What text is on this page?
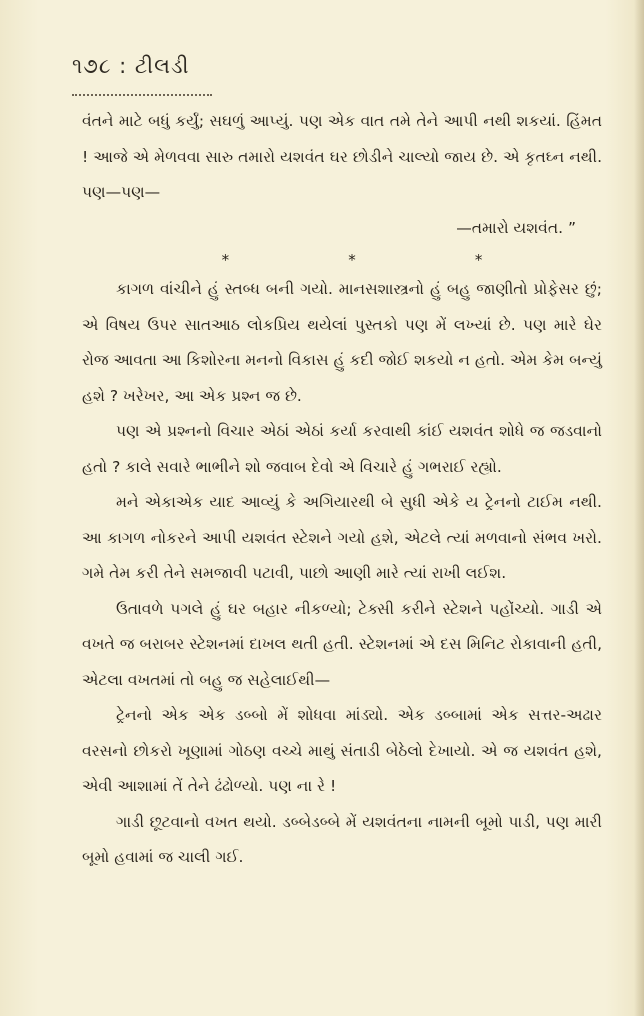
૧૭૮ : ટીલડી

વંતને માટે બધું કર્યું; સઘળું આપ્યું. પણ એક વાત તમે તેને આપી નથી શકયાં. હિંમત ! આજે એ મેળવવા સારુ તમારો યશવંત ઘર છોડીને ચાલ્યો જાય છે. એ કૃતઘ્ન નથી. પણ—પણ—

—તમારો યશવંત. ”

*	*	*

કાગળ વાંચીને હું સ્તબ્ધ બની ગયો. માનસશાસ્ત્રનો હું બહુ જાણીતો પ્રોફેસર છું; એ વિષય ઉપર સાતઆઠ લોકપ્રિય થયેલાં પુસ્તકો પણ મેં લખ્યાં છે. પણ મારે ઘેર રોજ આવતા આ કિશોરના મનનો વિકાસ હું કદી જોઈ શકયો ન હતો. એમ કેમ બન્યું હશે ? ખરેખર, આ એક પ્રશ્ન જ છે.

પણ એ પ્રશ્નનો વિચાર એઠાં એઠાં કર્યા કરવાથી કાંઈ યશવંત શોધે જ જડવાનો હતો ? કાલે સવારે ભાભીને શો જવાબ દેવો એ વિચારે હું ગભરાઈ રહ્યો.

મને એકાએક યાદ આવ્યું કે અગિયારથી બે સુધી એકે ય ટ્રેનનો ટાઈમ નથી. આ કાગળ નોકરને આપી યશવંત સ્ટેશને ગયો હશે, એટલે ત્યાં મળવાનો સંભવ ખરો. ગમે તેમ કરી તેને સમજાવી પટાવી, પાછો આણી મારે ત્યાં રાખી લઈશ.

ઉતાવળે પગલે હું ઘર બહાર નીકળ્યો; ટેક્સી કરીને સ્ટેશને પહોંચ્યો. ગાડી એ વખતે જ બરાબર સ્ટેશનમાં દાખલ થતી હતી. સ્ટેશનમાં એ દસ મિનિટ રોકાવાની હતી, એટલા વખતમાં તો બહુ જ સહેલાઈથી—

ટ્રેનનો એક એક ડબ્બો મેં શોધવા માંડ્યો. એક ડબ્બામાં એક સત્તર-અઢાર વરસનો છોકરો ખૂણામાં ગોઠણ વચ્ચે માથું સંતાડી બેઠેલો દેખાયો. એ જ યશવંત હશે, એવી આશામાં તેં તેને ઢંઢોળ્યો. પણ ના રે !

ગાડી છૂટવાનો વખત થયો. ડબ્બેડબ્બે મેં યશવંતના નામની બૂમો પાડી, પણ મારી બૂમો હવામાં જ ચાલી ગઈ.
